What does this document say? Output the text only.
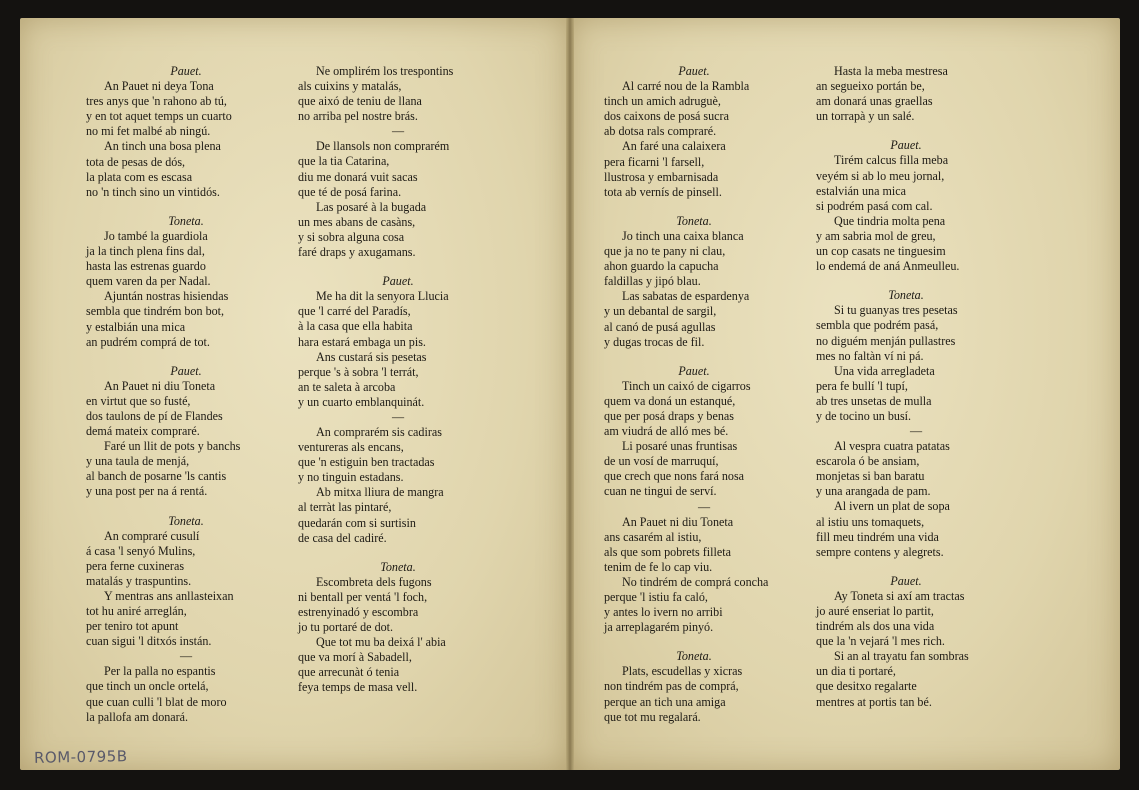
Pauet.
An Pauet ni deya Tona
tres anys que 'n rahono ab tú,
y en tot aquet temps un cuarto
no mi fet malbé ab ningú.
An tinch una bosa plena
tota de pesas de dós,
la plata com es escasa
no 'n tinch sino un vintidós.
Toneta.
Jo també la guardiola
ja la tinch plena fins dal,
hasta las estrenas guardo
quem varen da per Nadal.
Ajuntán nostras hisiendas
sembla que tindrém bon bot,
y estalbián una mica
an pudrém comprá de tot.
Pauet.
An Pauet ni diu Toneta
en virtut que so fusté,
dos taulons de pí de Flandes
demá mateix compraré.
Faré un llit de pots y banchs
y una taula de menjá,
al banch de posarne 'ls cantis
y una post per na á rentá.
Toneta.
An compraré cusulí
á casa 'l senyó Mulins,
pera ferne cuxineras
matalás y traspuntins.
Y mentras ans anllasteixan
tot hu aniré arreglán,
per teniro tot apunt
cuan sigui 'l ditxós instán.
—
Per la palla no espantis
que tinch un oncle ortelá,
que cuan culli 'l blat de moro
la pallofa am donará.
Ne omplirém los trespontins
als cuixins y matalás,
que aixó de teniu de llana
no arriba pel nostre brás.
—
De llansols non comprarém
que la tia Catarina,
diu me donará vuit sacas
que té de posá farina.
Las posaré à la bugada
un mes abans de casàns,
y si sobra alguna cosa
faré draps y axugamans.
Pauet.
Me ha dit la senyora Llucia
que 'l carré del Paradís,
à la casa que ella habita
hara estará embaga un pis.
Ans custará sis pesetas
perque 's à sobra 'l terrát,
an te saleta à arcoba
y un cuarto emblanquinát.
—
An comprarém sis cadiras
ventureras als encans,
que 'n estiguin ben tractadas
y no tinguin estadans.
Ab mitxa lliura de mangra
al terràt las pintaré,
quedarán com si surtisin
de casa del cadiré.
Toneta.
Escombreta dels fugons
ni bentall per ventá 'l foch,
estrenyinadó y escombra
jo tu portaré de dot.
Que tot mu ba deixá l' abia
que va morí à Sabadell,
que arrecunàt ó tenia
feya temps de masa vell.
Pauet.
Al carré nou de la Rambla
tinch un amich adruguè,
dos caixons de posá sucra
ab dotsa rals compraré.
An faré una calaixera
pera ficarni 'l farsell,
llustrosa y embarnisada
tota ab vernís de pinsell.
Toneta.
Jo tinch una caixa blanca
que ja no te pany ni clau,
ahon guardo la capucha
faldillas y jipó blau.
Las sabatas de espardenya
y un debantal de sargil,
al canó de pusá agullas
y dugas trocas de fil.
Pauet.
Tinch un caixó de cigarros
quem va doná un estanqué,
que per posá draps y benas
am viudrá de alló mes bé.
Li posaré unas fruntisas
de un vosí de marruquí,
que crech que nons fará nosa
cuan ne tingui de serví.
—
An Pauet ni diu Toneta
ans casarém al istiu,
als que som pobrets filleta
tenim de fe lo cap viu.
No tindrém de comprá concha
perque 'l istiu fa caló,
y antes lo ivern no arribi
ja arreplagarém pinyó.
Toneta.
Plats, escudellas y xicras
non tindrém pas de comprá,
perque an tich una amiga
que tot mu regalará.
Hasta la meba mestresa
an segueixo portán be,
am donará unas graellas
un torrapà y un salé.
Pauet.
Tirém calcus filla meba
veyém si ab lo meu jornal,
estalvián una mica
si podrém pasá com cal.
Que tindria molta pena
y am sabria mol de greu,
un cop casats ne tinguesim
lo endemá de aná Anmeulleu.
Toneta.
Si tu guanyas tres pesetas
sembla que podrém pasá,
no diguém menján pullastres
mes no faltàn ví ni pá.
Una vida arregladeta
pera fe bullí 'l tupí,
ab tres unsetas de mulla
y de tocino un busí.
—
Al vespra cuatra patatas
escarola ó be ansiam,
monjetas si ban baratu
y una arangada de pam.
Al ivern un plat de sopa
al istiu uns tomaquets,
fill meu tindrém una vida
sempre contens y alegrets.
Pauet.
Ay Toneta si axí am tractas
jo auré enseriat lo partit,
tindrém als dos una vida
que la 'n vejará 'l mes rich.
Si an al trayatu fan sombras
un dia ti portaré,
que desitxo regalarte
mentres at portis tan bé.
ROM-0795B
